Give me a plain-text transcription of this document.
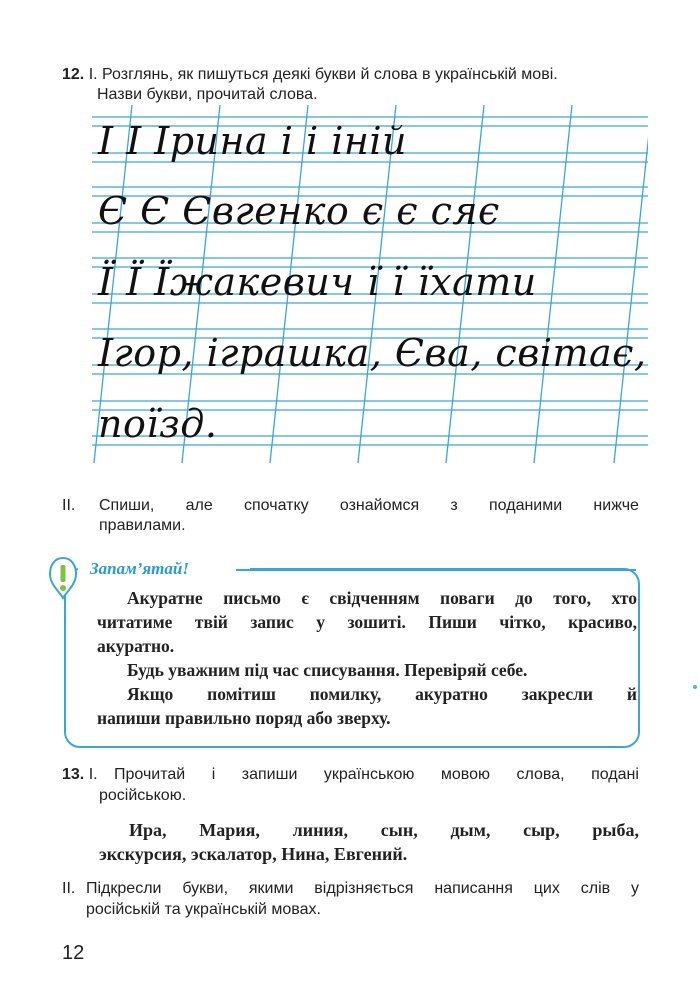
12. I. Розглянь, як пишуться деякі букви й слова в українській мові.
Назви букви, прочитай слова.
І І Ірина і і іній
Є Є Євгенко є є сяє
Ї Ї Їжакевич ї ї їхати
Ігор, іграшка, Єва, світає,
поїзд.
II. Спиши, але спочатку ознайомся з поданими нижче
правилами.
Запам’ятай!

Акуратне письмо є свідченням поваги до того, хто

читатиме твій запис у зошиті. Пиши чітко, красиво,

акуратно.

Будь уважним під час списування. Перевіряй себе.

Якщо помітиш помилку, акуратно закресли й

напиши правильно поряд або зверху.

13. I. Прочитай і запиши українською мовою слова, подані
російською.

Ира, Мария, линия, сын, дым, сыр, рыба,

экскурсия, эскалатор, Нина, Евгений.

II. Підкресли букви, якими відрізняється написання цих слів у
російській та українській мовах.
12
